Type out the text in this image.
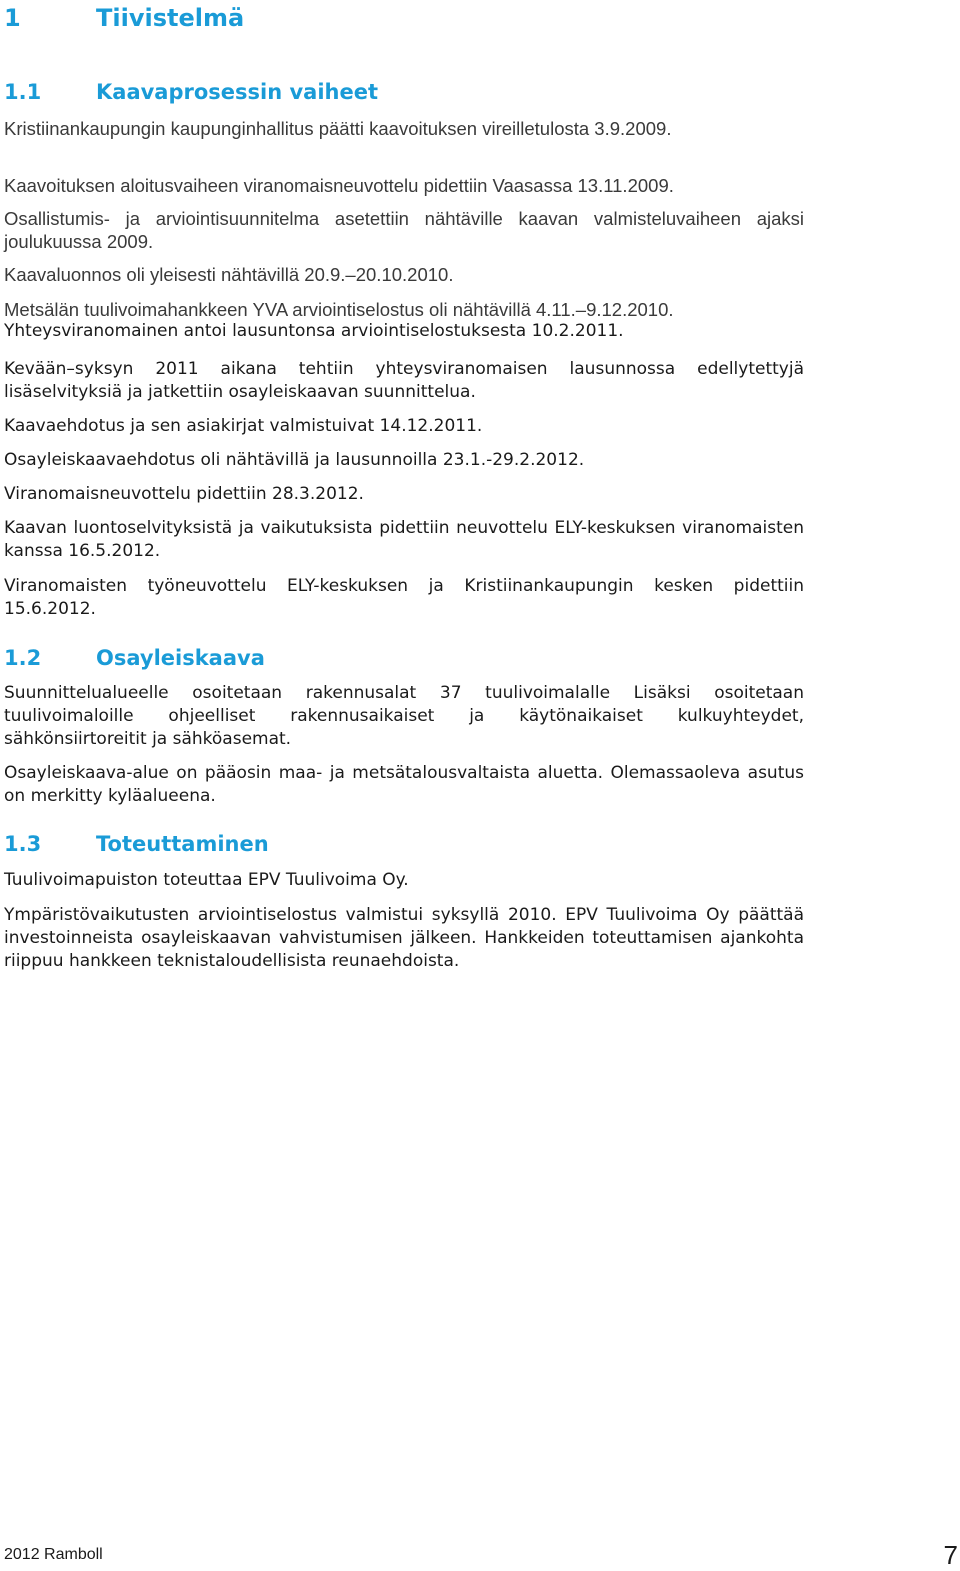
1	Tiivistelmä
1.1	Kaavaprosessin vaiheet
Kristiinankaupungin kaupunginhallitus päätti kaavoituksen vireilletulosta 3.9.2009.
Kaavoituksen aloitusvaiheen viranomaisneuvottelu pidettiin Vaasassa 13.11.2009.
Osallistumis- ja arviointisuunnitelma asetettiin nähtäville kaavan valmisteluvaiheen ajaksi joulukuussa 2009.
Kaavaluonnos oli yleisesti nähtävillä 20.9.–20.10.2010.
Metsälän tuulivoimahankkeen YVA arviointiselostus oli nähtävillä 4.11.–9.12.2010.
Yhteysviranomainen antoi lausuntonsa arviointiselostuksesta 10.2.2011.
Kevään–syksyn 2011 aikana tehtiin yhteysviranomaisen lausunnossa edellytettyjä lisäselvityksiä ja jatkettiin osayleiskaavan suunnittelua.
Kaavaehdotus ja sen asiakirjat valmistuivat 14.12.2011.
Osayleiskaavaehdotus oli nähtävillä ja lausunnoilla 23.1.-29.2.2012.
Viranomaisneuvottelu pidettiin 28.3.2012.
Kaavan luontoselvityksistä ja vaikutuksista pidettiin neuvottelu ELY-keskuksen viranomaisten kanssa 16.5.2012.
Viranomaisten työneuvottelu ELY-keskuksen ja Kristiinankaupungin kesken pidettiin 15.6.2012.
1.2	Osayleiskaava
Suunnittelualueelle osoitetaan rakennusalat 37 tuulivoimalalle Lisäksi osoitetaan tuulivoimaloille ohjeelliset rakennusaikaiset ja käytönaikaiset kulkuyhteydet, sähkönsiirtoreitit ja sähköasemat.
Osayleiskaava-alue on pääosin maa- ja metsätalousvaltaista aluetta. Olemassaoleva asutus on merkitty kyläalueena.
1.3	Toteuttaminen
Tuulivoimapuiston toteuttaa EPV Tuulivoima Oy.
Ympäristövaikutusten arviointiselostus valmistui syksyllä 2010. EPV Tuulivoima Oy päättää investoinneista osayleiskaavan vahvistumisen jälkeen. Hankkeiden toteuttamisen ajankohta riippuu hankkeen teknistaloudellisista reunaehdoista.
2012 Ramboll	7
